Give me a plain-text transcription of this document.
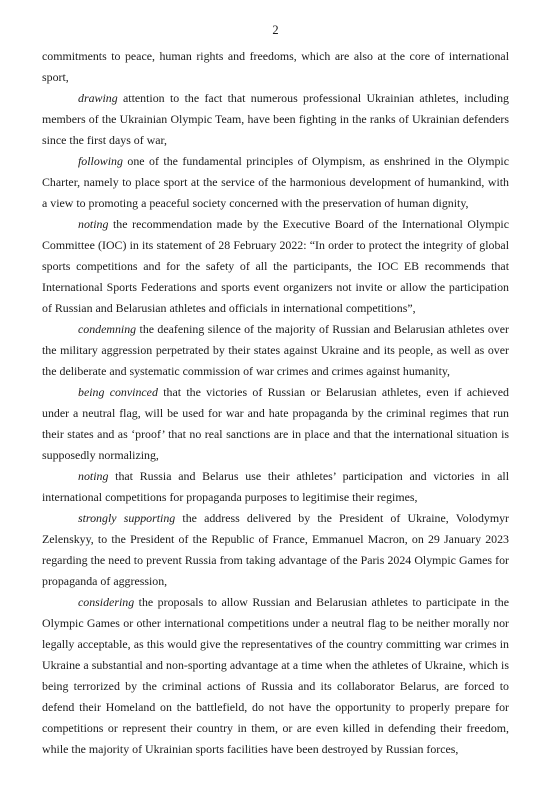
2

commitments to peace, human rights and freedoms, which are also at the core of international sport,

drawing attention to the fact that numerous professional Ukrainian athletes, including members of the Ukrainian Olympic Team, have been fighting in the ranks of Ukrainian defenders since the first days of war,

following one of the fundamental principles of Olympism, as enshrined in the Olympic Charter, namely to place sport at the service of the harmonious development of humankind, with a view to promoting a peaceful society concerned with the preservation of human dignity,

noting the recommendation made by the Executive Board of the International Olympic Committee (IOC) in its statement of 28 February 2022: “In order to protect the integrity of global sports competitions and for the safety of all the participants, the IOC EB recommends that International Sports Federations and sports event organizers not invite or allow the participation of Russian and Belarusian athletes and officials in international competitions”,

condemning the deafening silence of the majority of Russian and Belarusian athletes over the military aggression perpetrated by their states against Ukraine and its people, as well as over the deliberate and systematic commission of war crimes and crimes against humanity,

being convinced that the victories of Russian or Belarusian athletes, even if achieved under a neutral flag, will be used for war and hate propaganda by the criminal regimes that run their states and as ‘proof’ that no real sanctions are in place and that the international situation is supposedly normalizing,

noting that Russia and Belarus use their athletes’ participation and victories in all international competitions for propaganda purposes to legitimise their regimes,

strongly supporting the address delivered by the President of Ukraine, Volodymyr Zelenskyy, to the President of the Republic of France, Emmanuel Macron, on 29 January 2023 regarding the need to prevent Russia from taking advantage of the Paris 2024 Olympic Games for propaganda of aggression,

considering the proposals to allow Russian and Belarusian athletes to participate in the Olympic Games or other international competitions under a neutral flag to be neither morally nor legally acceptable, as this would give the representatives of the country committing war crimes in Ukraine a substantial and non-sporting advantage at a time when the athletes of Ukraine, which is being terrorized by the criminal actions of Russia and its collaborator Belarus, are forced to defend their Homeland on the battlefield, do not have the opportunity to properly prepare for competitions or represent their country in them, or are even killed in defending their freedom, while the majority of Ukrainian sports facilities have been destroyed by Russian forces,
